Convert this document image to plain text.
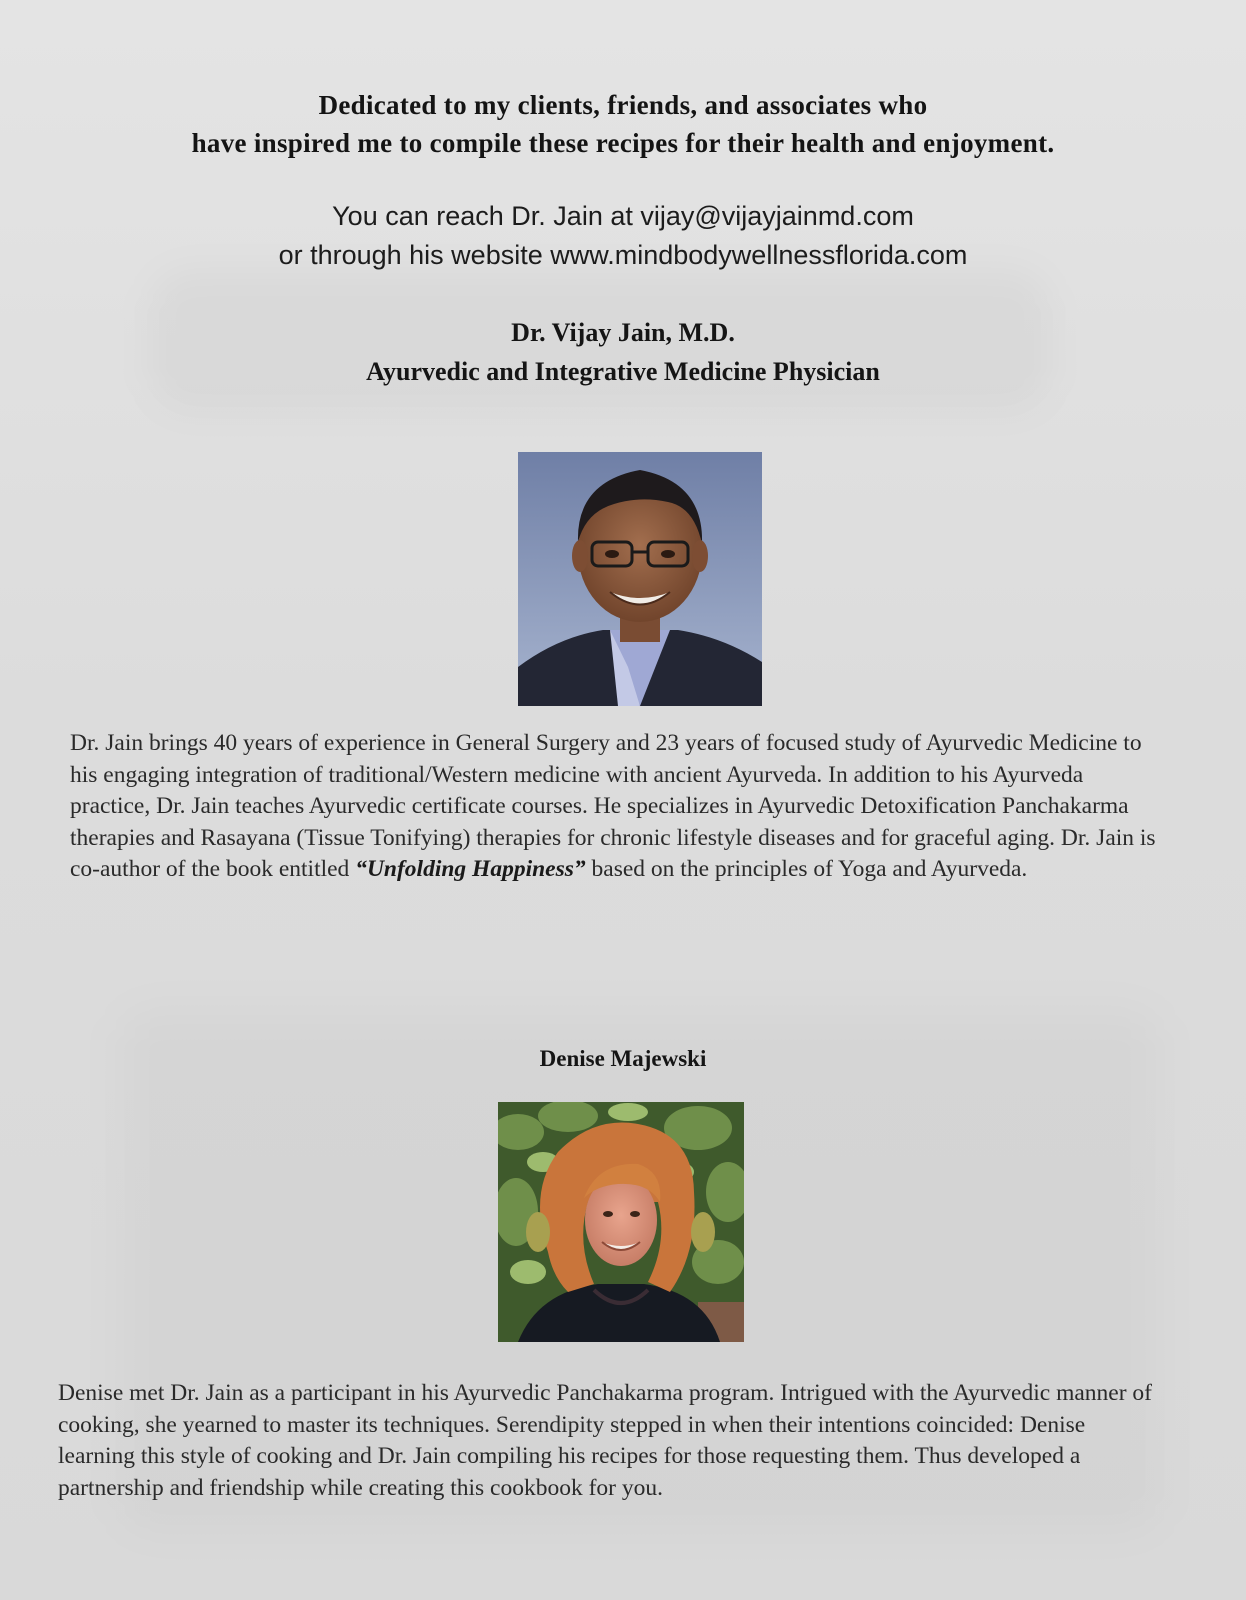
Dedicated to my clients, friends, and associates who
have inspired me to compile these recipes for their health and enjoyment.
You can reach Dr. Jain at vijay@vijayjainmd.com
or through his website www.mindbodywellnessflorida.com
Dr. Vijay Jain, M.D.
Ayurvedic and Integrative Medicine Physician

Dr. Jain brings 40 years of experience in General Surgery and 23 years of focused study of Ayurvedic Medicine to his engaging integration of traditional/Western medicine with ancient Ayurveda. In addition to his Ayurveda practice, Dr. Jain teaches Ayurvedic certificate courses. He specializes in Ayurvedic Detoxification Panchakarma therapies and Rasayana (Tissue Tonifying) therapies for chronic lifestyle diseases and for graceful aging. Dr. Jain is co-author of the book entitled “Unfolding Happiness” based on the principles of Yoga and Ayurveda.

Denise Majewski

Denise met Dr. Jain as a participant in his Ayurvedic Panchakarma program. Intrigued with the Ayurvedic manner of cooking, she yearned to master its techniques. Serendipity stepped in when their intentions coincided: Denise learning this style of cooking and Dr. Jain compiling his recipes for those requesting them. Thus developed a partnership and friendship while creating this cookbook for you.
